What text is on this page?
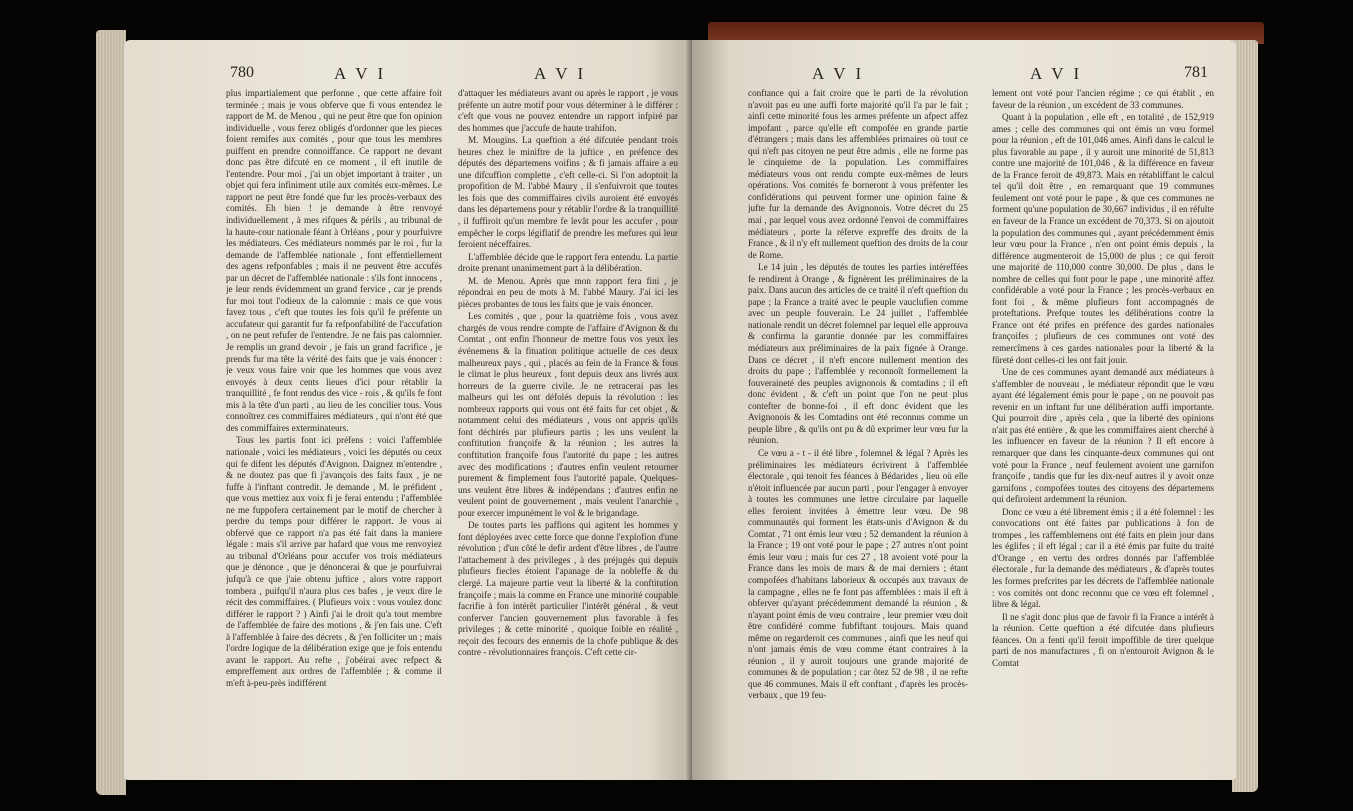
780	A V I	A V I

plus impartialement que perfonne , que cette affaire foit terminée ; mais je vous obferve que fi vous entendez le rapport de M. de Menou , qui ne peut être que fon opinion individuelle , vous ferez obligés d'ordonner que les pieces foient remifes aux comités , pour que tous les membres puiffent en prendre connoiffance. Ce rapport ne devant donc pas être difcuté en ce moment , il eft inutile de l'entendre. Pour moi , j'ai un objet important à traiter , un objet qui fera infiniment utile aux comités eux-mêmes. Le rapport ne peut être fondé que fur les procès-verbaux des comités. Eh bien ! je demande à être renvoyé individuellement , à mes rifques & périls , au tribunal de la haute-cour nationale féant à Orléans , pour y pourfuivre les médiateurs. Ces médiateurs nommés par le roi , fur la demande de l'affemblée nationale , font effentiellement des agens refponfables ; mais il ne peuvent être accufés par un décret de l'affemblée nationale : s'ils font innocens , je leur rends évidemment un grand fervice , car je prends fur moi tout l'odieux de la calomnie : mais ce que vous favez tous , c'eft que toutes les fois qu'il fe préfente un accufateur qui garantit fur fa refponfabilité de l'accufation , on ne peut refufer de l'entendre. Je ne fais pas calomnier. Je remplis un grand devoir , je fais un grand facrifice , je prends fur ma tête la vérité des faits que je vais énoncer : je veux vous faire voir que les hommes que vous avez envoyés à deux cents lieues d'ici pour rétablir la tranquillité , fe font rendus des vice - rois , & qu'ils fe font mis à la tête d'un parti , au lieu de les concilier tous. Vous connoîtrez ces commiffaires médiateurs , qui n'ont été que des commiffaires exterminateurs.

Tous les partis font ici préfens : voici l'affemblée nationale , voici les médiateurs , voici les députés ou ceux qui fe difent les députés d'Avignon. Daignez m'entendre , & ne doutez pas que fi j'avançois des faits faux , je ne fuffe à l'inftant contredit. Je demande , M. le préfident , que vous mettiez aux voix fi je ferai entendu ; l'affemblée ne me fuppofera certainement par le motif de chercher à perdre du temps pour différer le rapport. Je vous ai obfervé que ce rapport n'a pas été fait dans la maniere légale : mais s'il arrive par hafard que vous me renvoyiez au tribunal d'Orléans pour accufer vos trois médiateurs que je dénonce , que je dénoncerai & que je pourfuivrai jufqu'à ce que j'aie obtenu juftice , alors votre rapport tombera , puifqu'il n'aura plus ces bafes , je veux dire le récit des commiffaires. ( Plufieurs voix : vous voulez donc différer le rapport ? ) Ainfi j'ai le droit qu'a tout membre de l'affemblée de faire des motions , & j'en fais une. C'eft à l'affemblée à faire des décrets , & j'en folliciter un ; mais l'ordre logique de la délibération exige que je fois entendu avant le rapport. Au refte , j'obéirai avec refpect & empreffement aux ordres de l'affemblée ; & comme il m'eft à-peu-près indifférent

d'attaquer les médiateurs avant ou après le rapport , je vous préfente un autre motif pour vous déterminer à le différer : c'eft que vous ne pouvez entendre un rapport infpiré par des hommes que j'accufe de haute trahifon.

M. Mougins. La queftion a été difcutée pendant trois heures chez le miniftre de la juftice , en préfence des députés des départemens voifins ; & fi jamais affaire a eu une difcuffion complette , c'eft celle-ci. Si l'on adoptoit la propofition de M. l'abbé Maury , il s'enfuivroit que toutes les fois que des commiffaires civils auroient été envoyés dans les départemens pour y rétablir l'ordre & la tranquillité , il fuffiroit qu'un membre fe levât pour les accufer , pour empêcher le corps légiflatif de prendre les mefures qui leur feroient néceffaires.

L'affemblée décide que le rapport fera entendu. La partie droite prenant unanimement part à la délibération.

M. de Menou. Après que mon rapport fera fini , je répondrai en peu de mots à M. l'abbé Maury. J'ai ici les pièces probantes de tous les faits que je vais énoncer.

Les comités , que , pour la quatrième fois , vous avez chargés de vous rendre compte de l'affaire d'Avignon & du Comtat , ont enfin l'honneur de mettre fous vos yeux les événemens & la fituation politique actuelle de ces deux malheureux pays , qui , placés au fein de la France & fous le climat le plus heureux , font depuis deux ans livrés aux horreurs de la guerre civile. Je ne retracerai pas les malheurs qui les ont défolés depuis la révolution : les nombreux rapports qui vous ont été faits fur cet objet , & notamment celui des médiateurs , vous ont appris qu'ils font déchirés par plufieurs partis ; les uns veulent la conftitution françoife & la réunion ; les autres la conftitution françoife fous l'autorité du pape ; les autres avec des modifications ; d'autres enfin veulent retourner purement & fimplement fous l'autorité papale. Quelques-uns veulent être libres & indépendans ; d'autres enfin ne veulent point de gouvernement , mais veulent l'anarchie , pour exercer impunément le vol & le brigandage.

De toutes parts les paffions qui agitent les hommes y font déployées avec cette force que donne l'explofion d'une révolution ; d'un côté le defir ardent d'être libres , de l'autre l'attachement à des privileges , à des préjugés qui depuis plufieurs fiecles étoient l'apanage de la nobleffe & du clergé. La majeure partie veut la liberté & la conftitution françoife ; mais la comme en France une minorité coupable facrifie à fon intérêt particulier l'intérêt général , & veut conferver l'ancien gouvernement plus favorable à fes privileges ; & cette minorité , quoique foible en réalité , reçoit des fecours des ennemis de la chofe publique & des contre - révolutionnaires françois. C'eft cette cir-

A V I	A V I	781

conftance qui a fait croire que le parti de la révolution n'avoit pas eu une auffi forte majorité qu'il l'a par le fait ; ainfi cette minorité fous les armes préfente un afpect affez impofant , parce qu'elle eft compofée en grande partie d'étrangers ; mais dans les affemblées primaires où tout ce qui n'eft pas citoyen ne peut être admis , elle ne forme pas le cinquieme de la population. Les commiffaires médiateurs vous ont rendu compte eux-mêmes de leurs opérations. Vos comités fe borneront à vous préfenter les confidérations qui peuvent former une opinion faine & jufte fur la demande des Avignonois. Votre décret du 25 mai , par lequel vous avez ordonné l'envoi de commiffaires médiateurs , porte la réferve expreffe des droits de la France , & il n'y eft nullement queftion des droits de la cour de Rome.

Le 14 juin , les députés de toutes les parties intéreffées fe rendirent à Orange , & fignèrent les préliminaires de la paix. Dans aucun des articles de ce traité il n'eft queftion du pape ; la France a traité avec le peuple vauclufien comme avec un peuple fouverain. Le 24 juillet , l'affemblée nationale rendit un décret folemnel par lequel elle approuva & confirma la garantie donnée par les commiffaires médiateurs aux préliminaires de la paix fignée à Orange. Dans ce décret , il n'eft encore nullement mention des droits du pape ; l'affemblée y reconnoît formellement la fouveraineté des peuples avignonois & comtadins ; il eft donc évident , & c'eft un point que l'on ne peut plus contefter de bonne-foi , il eft donc évident que les Avignonois & les Comtadins ont été reconnus comme un peuple libre , & qu'ils ont pu & dû exprimer leur vœu fur la réunion.

Ce vœu a - t - il été libre , folemnel & légal ? Après les préliminaires les médiateurs écrivirent à l'affemblée électorale , qui tenoit fes féances à Bédarides , lieu où elle n'étoit influencée par aucun parti , pour l'engager à envoyer à toutes les communes une lettre circulaire par laquelle elles feroient invitées à émettre leur vœu. De 98 communautés qui forment les états-unis d'Avignon & du Comtat , 71 ont émis leur vœu ; 52 demandent la réunion à la France ; 19 ont voté pour le pape ; 27 autres n'ont point émis leur vœu ; mais fur ces 27 , 18 avoient voté pour la France dans les mois de mars & de mai derniers ; étant compofées d'habitans laborieux & occupés aux travaux de la campagne , elles ne fe font pas affemblées : mais il eft à obferver qu'ayant précédemment demandé la réunion , & n'ayant point émis de vœu contraire , leur premier vœu doit être confidéré comme fubfiftant toujours. Mais quand même on regarderoit ces communes , ainfi que les neuf qui n'ont jamais émis de vœu comme étant contraires à la réunion , il y auroit toujours une grande majorité de communes & de population ; car ôtez 52 de 98 , il ne refte que 46 communes. Mais il eft conftant , d'après les procès-verbaux , que 19 feu-

lement ont voté pour l'ancien régime ; ce qui établit , en faveur de la réunion , un excédent de 33 communes.

Quant à la population , elle eft , en totalité , de 152,919 ames ; celle des communes qui ont émis un vœu formel pour la réunion , eft de 101,046 ames. Ainfi dans le calcul le plus favorable au pape , il y auroit une minorité de 51,813 contre une majorité de 101,046 , & la différence en faveur de la France feroit de 49,873. Mais en rétabliffant le calcul tel qu'il doit être , en remarquant que 19 communes feulement ont voté pour le pape , & que ces communes ne forment qu'une population de 30,667 individus , il en réfulte en faveur de la France un excédent de 70,373. Si on ajoutoit la population des communes qui , ayant précédemment émis leur vœu pour la France , n'en ont point émis depuis , la différence augmenteroit de 15,000 de plus ; ce qui feroit une majorité de 110,000 contre 30,000. De plus , dans le nombre de celles qui font pour le pape , une minorité affez confidérable a voté pour la France ; les procès-verbaux en font foi , & même plufieurs font accompagnés de proteftations. Prefque toutes les délibérations contre la France ont été prifes en préfence des gardes nationales françoifes ; plufieurs de ces communes ont voté des remercîmens à ces gardes nationales pour la liberté & la fûreté dont celles-ci les ont fait jouir.

Une de ces communes ayant demandé aux médiateurs à s'affembler de nouveau , le médiateur répondit que le vœu ayant été légalement émis pour le pape , on ne pouvoit pas revenir en un inftant fur une délibération auffi importante. Qui pourroit dire , après cela , que la liberté des opinions n'ait pas été entière , & que les commiffaires aient cherché à les influencer en faveur de la réunion ? Il eft encore à remarquer que dans les cinquante-deux communes qui ont voté pour la France , neuf feulement avoient une garnifon françoife , tandis que fur les dix-neuf autres il y avoit onze garnifons , compofées toutes des citoyens des départemens qui defiroient ardemment la réunion.

Donc ce vœu a été librement émis ; il a été folemnel : les convocations ont été faites par publications à fon de trompes , les raffemblemens ont été faits en plein jour dans les églifes ; il eft légal ; car il a été émis par fuite du traité d'Orange , en vertu des ordres donnés par l'affemblée électorale , fur la demande des médiateurs , & d'après toutes les formes prefcrites par les décrets de l'affemblée nationale : vos comités ont donc reconnu que ce vœu eft folemnel , libre & légal.

Il ne s'agit donc plus que de favoir fi la France a intérêt à la réunion. Cette queftion a été difcutée dans plufieurs féances. On a fenti qu'il feroit impoffible de tirer quelque parti de nos manufactures , fi on n'entouroit Avignon & le Comtat
